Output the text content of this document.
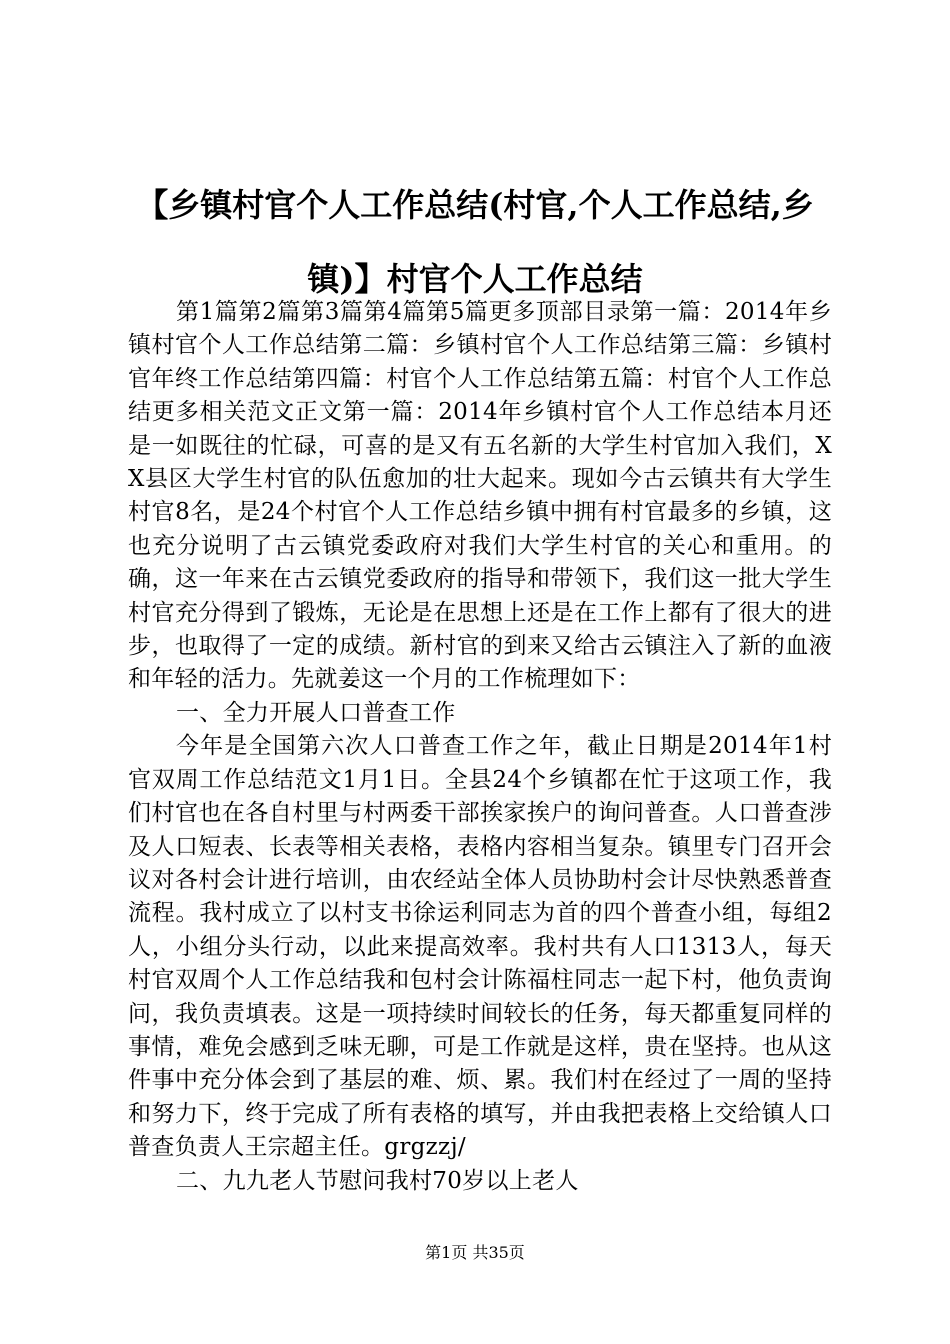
【乡镇村官个人工作总结(村官,个人工作总结,乡镇)】村官个人工作总结

第1篇第2篇第3篇第4篇第5篇更多顶部目录第一篇：2014年乡镇村官个人工作总结第二篇：乡镇村官个人工作总结第三篇：乡镇村官年终工作总结第四篇：村官个人工作总结第五篇：村官个人工作总结更多相关范文正文第一篇：2014年乡镇村官个人工作总结本月还是一如既往的忙碌，可喜的是又有五名新的大学生村官加入我们，XX县区大学生村官的队伍愈加的壮大起来。现如今古云镇共有大学生村官8名，是24个村官个人工作总结乡镇中拥有村官最多的乡镇，这也充分说明了古云镇党委政府对我们大学生村官的关心和重用。的确，这一年来在古云镇党委政府的指导和带领下，我们这一批大学生村官充分得到了锻炼，无论是在思想上还是在工作上都有了很大的进步，也取得了一定的成绩。新村官的到来又给古云镇注入了新的血液和年轻的活力。先就姜这一个月的工作梳理如下：

一、全力开展人口普查工作

今年是全国第六次人口普查工作之年，截止日期是2014年1村官双周工作总结范文1月1日。全县24个乡镇都在忙于这项工作，我们村官也在各自村里与村两委干部挨家挨户的询问普查。人口普查涉及人口短表、长表等相关表格，表格内容相当复杂。镇里专门召开会议对各村会计进行培训，由农经站全体人员协助村会计尽快熟悉普查流程。我村成立了以村支书徐运利同志为首的四个普查小组，每组2人，小组分头行动，以此来提高效率。我村共有人口1313人，每天村官双周个人工作总结我和包村会计陈福柱同志一起下村，他负责询问，我负责填表。这是一项持续时间较长的任务，每天都重复同样的事情，难免会感到乏味无聊，可是工作就是这样，贵在坚持。也从这件事中充分体会到了基层的难、烦、累。我们村在经过了一周的坚持和努力下，终于完成了所有表格的填写，并由我把表格上交给镇人口普查负责人王宗超主任。grgzzj/

二、九九老人节慰问我村70岁以上老人

第1页 共35页
